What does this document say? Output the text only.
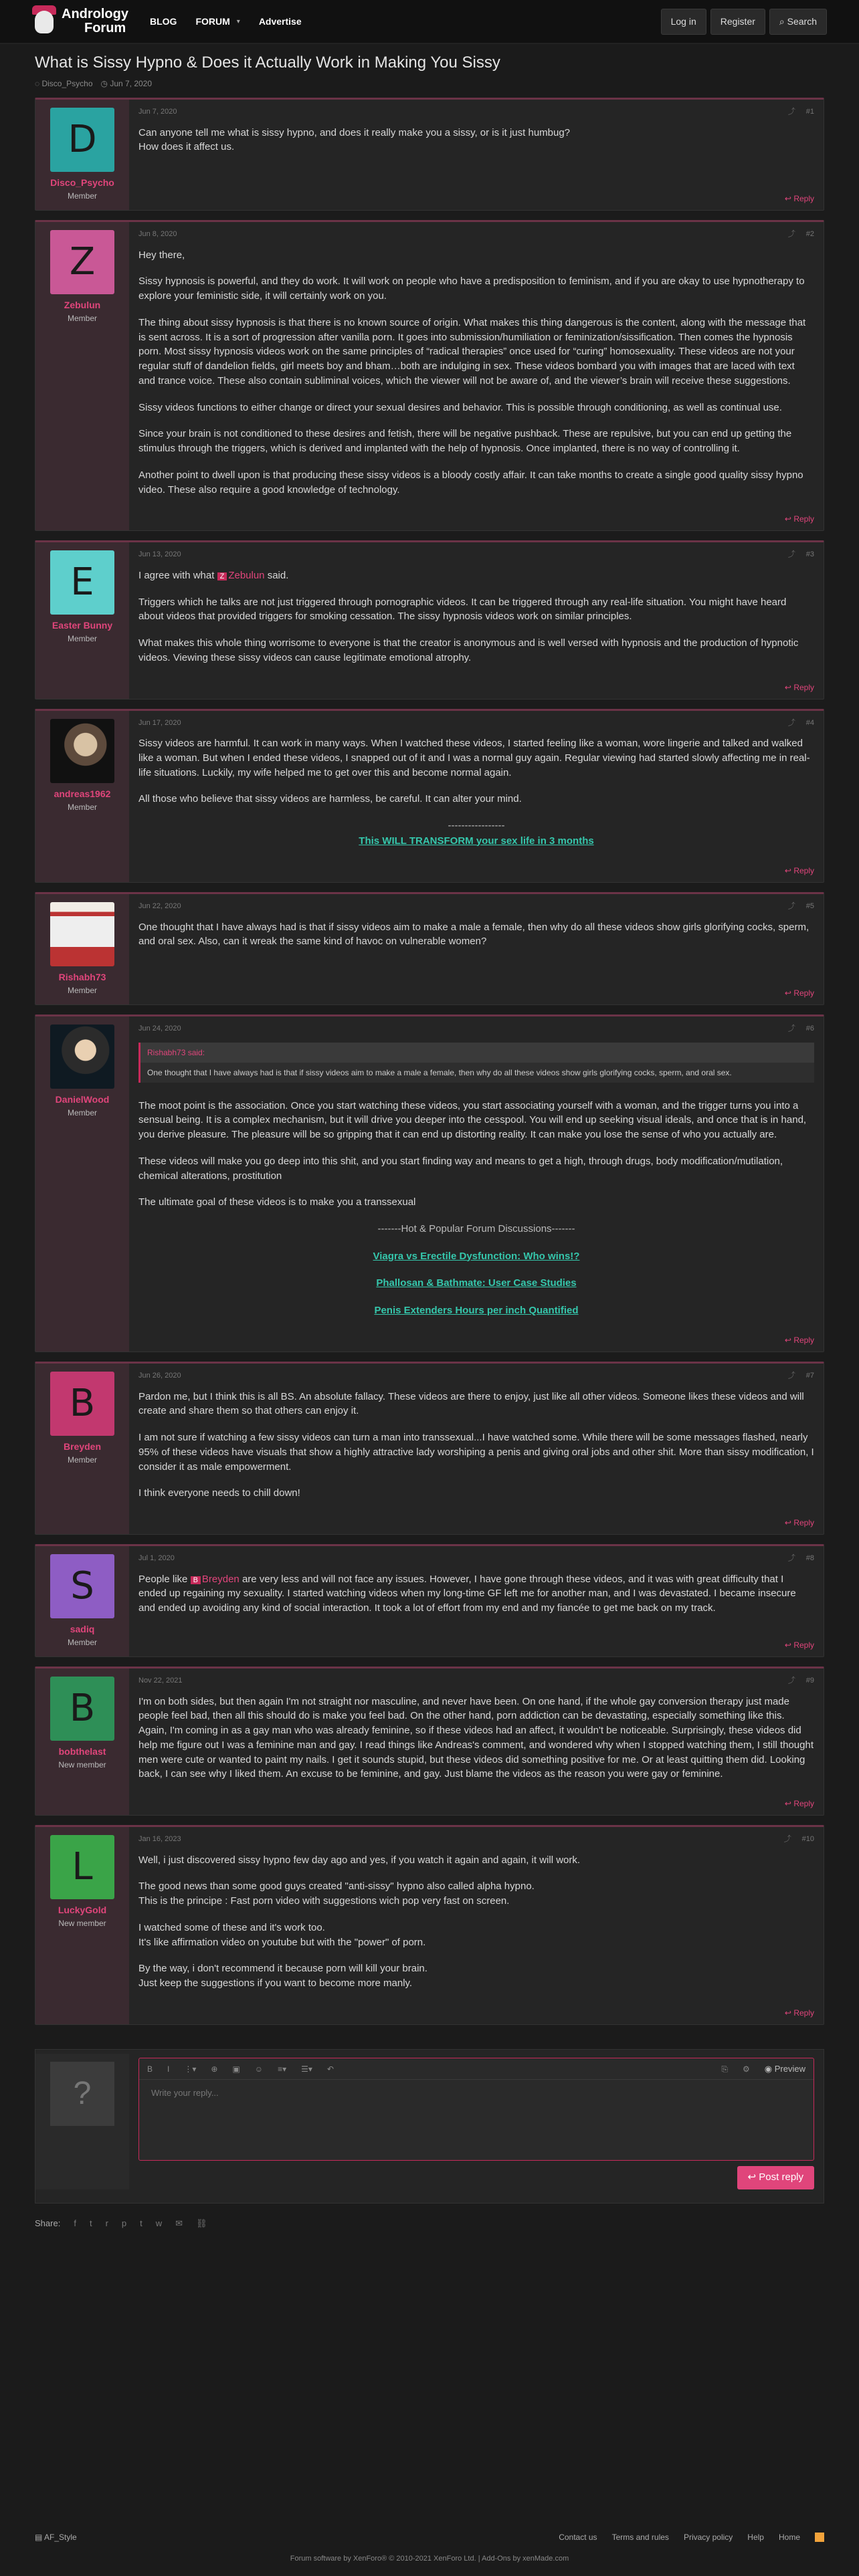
Andrology
Forum	BLOG FORUM ▾ Advertise	Log in	Register	⌕ Search
What is Sissy Hypno & Does it Actually Work in Making You Sissy
◌ Disco_Psycho ◷ Jun 7, 2020
D
Disco_Psycho
Member
Jun 7, 2020	⤴ #1

Can anyone tell me what is sissy hypno, and does it really make you a sissy, or is it just humbug?
How does it affect us.

↩ Reply
Z
Zebulun
Member
Jun 8, 2020	⤴ #2

Hey there,

Sissy hypnosis is powerful, and they do work. It will work on people who have a predisposition to feminism, and if you are okay to use hypnotherapy to explore your feministic side, it will certainly work on you.

The thing about sissy hypnosis is that there is no known source of origin. What makes this thing dangerous is the content, along with the message that is sent across. It is a sort of progression after vanilla porn. It goes into submission/humiliation or feminization/sissification. Then comes the hypnosis porn. Most sissy hypnosis videos work on the same principles of “radical therapies” once used for “curing” homosexuality. These videos are not your regular stuff of dandelion fields, girl meets boy and bham…both are indulging in sex. These videos bombard you with images that are laced with text and trance voice. These also contain subliminal voices, which the viewer will not be aware of, and the viewer’s brain will receive these suggestions.

Sissy videos functions to either change or direct your sexual desires and behavior. This is possible through conditioning, as well as continual use.

Since your brain is not conditioned to these desires and fetish, there will be negative pushback. These are repulsive, but you can end up getting the stimulus through the triggers, which is derived and implanted with the help of hypnosis. Once implanted, there is no way of controlling it.

Another point to dwell upon is that producing these sissy videos is a bloody costly affair. It can take months to create a single good quality sissy hypno video. These also require a good knowledge of technology.

↩ Reply
E
Easter Bunny
Member
Jun 13, 2020	⤴ #3

I agree with what Z Zebulun said.

Triggers which he talks are not just triggered through pornographic videos. It can be triggered through any real-life situation. You might have heard about videos that provided triggers for smoking cessation. The sissy hypnosis videos work on similar principles.

What makes this whole thing worrisome to everyone is that the creator is anonymous and is well versed with hypnosis and the production of hypnotic videos. Viewing these sissy videos can cause legitimate emotional atrophy.

↩ Reply
andreas1962
Member
Jun 17, 2020	⤴ #4

Sissy videos are harmful. It can work in many ways. When I watched these videos, I started feeling like a woman, wore lingerie and talked and walked like a woman. But when I ended these videos, I snapped out of it and I was a normal guy again. Regular viewing had started slowly affecting me in real-life situations. Luckily, my wife helped me to get over this and become normal again.

All those who believe that sissy videos are harmless, be careful. It can alter your mind.

-----------------
This WILL TRANSFORM your sex life in 3 months
↩ Reply
Rishabh73
Member
Jun 22, 2020	⤴ #5

One thought that I have always had is that if sissy videos aim to make a male a female, then why do all these videos show girls glorifying cocks, sperm, and oral sex. Also, can it wreak the same kind of havoc on vulnerable women?

↩ Reply
DanielWood
Member
Jun 24, 2020	⤴ #6
Rishabh73 said:
One thought that I have always had is that if sissy videos aim to make a male a female, then why do all these videos show girls glorifying cocks, sperm, and oral sex.

The moot point is the association. Once you start watching these videos, you start associating yourself with a woman, and the trigger turns you into a sensual being. It is a complex mechanism, but it will drive you deeper into the cesspool. You will end up seeking visual ideals, and once that is in hand, you derive pleasure. The pleasure will be so gripping that it can end up distorting reality. It can make you lose the sense of who you actually are.

These videos will make you go deep into this shit, and you start finding way and means to get a high, through drugs, body modification/mutilation, chemical alterations, prostitution

The ultimate goal of these videos is to make you a transsexual

-------Hot & Popular Forum Discussions-------
Viagra vs Erectile Dysfunction: Who wins!?
Phallosan & Bathmate: User Case Studies
Penis Extenders Hours per inch Quantified
↩ Reply
B
Breyden
Member
Jun 26, 2020	⤴ #7

Pardon me, but I think this is all BS. An absolute fallacy. These videos are there to enjoy, just like all other videos. Someone likes these videos and will create and share them so that others can enjoy it.

I am not sure if watching a few sissy videos can turn a man into transsexual...I have watched some. While there will be some messages flashed, nearly 95% of these videos have visuals that show a highly attractive lady worshiping a penis and giving oral jobs and other shit. More than sissy modification, I consider it as male empowerment.

I think everyone needs to chill down!

↩ Reply
S
sadiq
Member
Jul 1, 2020	⤴ #8

People like B Breyden are very less and will not face any issues. However, I have gone through these videos, and it was with great difficulty that I ended up regaining my sexuality. I started watching videos when my long-time GF left me for another man, and I was devastated. I became insecure and ended up avoiding any kind of social interaction. It took a lot of effort from my end and my fiancée to get me back on my track.

↩ Reply
B
bobthelast
New member
Nov 22, 2021	⤴ #9

I'm on both sides, but then again I'm not straight nor masculine, and never have been. On one hand, if the whole gay conversion therapy just made people feel bad, then all this should do is make you feel bad. On the other hand, porn addiction can be devastating, especially something like this. Again, I'm coming in as a gay man who was already feminine, so if these videos had an affect, it wouldn't be noticeable. Surprisingly, these videos did help me figure out I was a feminine man and gay. I read things like Andreas's comment, and wondered why when I stopped watching them, I still thought men were cute or wanted to paint my nails. I get it sounds stupid, but these videos did something positive for me. Or at least quitting them did. Looking back, I can see why I liked them. An excuse to be feminine, and gay. Just blame the videos as the reason you were gay or feminine.

↩ Reply
L
LuckyGold
New member
Jan 16, 2023	⤴ #10

Well, i just discovered sissy hypno few day ago and yes, if you watch it again and again, it will work.

The good news than some good guys created "anti-sissy" hypno also called alpha hypno.
This is the principe : Fast porn video with suggestions wich pop very fast on screen.

I watched some of these and it's work too.
It's like affirmation video on youtube but with the "power" of porn.

By the way, i don't recommend it because porn will kill your brain.
Just keep the suggestions if you want to become more manly.

↩ Reply
?
B I ⋮▾ ⊕ ▣ ☺ ≡▾ ☰▾ ↶	⎘ ⚙ ◉ Preview
Write your reply...
↩ Post reply
Share: f t r p t w ✉ ⛓
▤ AF_Style	Contact us Terms and rules Privacy policy Help Home
Forum software by XenForo® © 2010-2021 XenForo Ltd. | Add-Ons by xenMade.com
